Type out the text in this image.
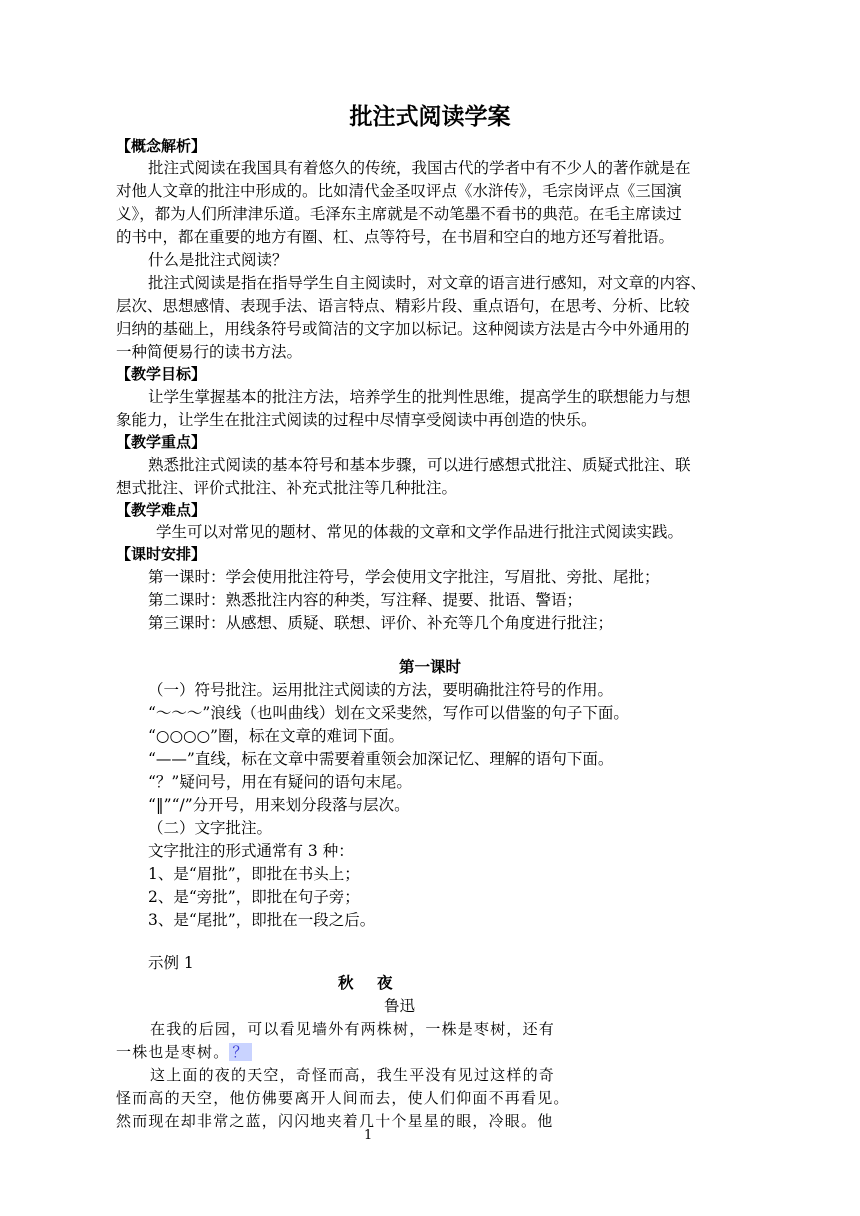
批注式阅读学案
【概念解析】
批注式阅读在我国具有着悠久的传统，我国古代的学者中有不少人的著作就是在
对他人文章的批注中形成的。比如清代金圣叹评点《水浒传》，毛宗岗评点《三国演
义》，都为人们所津津乐道。毛泽东主席就是不动笔墨不看书的典范。在毛主席读过
的书中，都在重要的地方有圈、杠、点等符号，在书眉和空白的地方还写着批语。
什么是批注式阅读？
批注式阅读是指在指导学生自主阅读时，对文章的语言进行感知，对文章的内容、
层次、思想感情、表现手法、语言特点、精彩片段、重点语句，在思考、分析、比较
归纳的基础上，用线条符号或简洁的文字加以标记。这种阅读方法是古今中外通用的
一种简便易行的读书方法。
【教学目标】
让学生掌握基本的批注方法，培养学生的批判性思维，提高学生的联想能力与想
象能力，让学生在批注式阅读的过程中尽情享受阅读中再创造的快乐。
【教学重点】
熟悉批注式阅读的基本符号和基本步骤，可以进行感想式批注、质疑式批注、联
想式批注、评价式批注、补充式批注等几种批注。
【教学难点】
学生可以对常见的题材、常见的体裁的文章和文学作品进行批注式阅读实践。
【课时安排】
第一课时：学会使用批注符号，学会使用文字批注，写眉批、旁批、尾批；
第二课时：熟悉批注内容的种类，写注释、提要、批语、警语；
第三课时：从感想、质疑、联想、评价、补充等几个角度进行批注；
第一课时
（一）符号批注。运用批注式阅读的方法，要明确批注符号的作用。
“～～～”浪线（也叫曲线）划在文采斐然，写作可以借鉴的句子下面。
“○○○○”圈，标在文章的难词下面。
“——”直线，标在文章中需要着重领会加深记忆、理解的语句下面。
“？”疑问号，用在有疑问的语句末尾。
“‖”“/”分开号，用来划分段落与层次。
（二）文字批注。
文字批注的形式通常有 3 种：
1、是“眉批”，即批在书头上；
2、是“旁批”，即批在句子旁；
3、是“尾批”，即批在一段之后。
示例 1
秋　夜
鲁迅
在我的后园，可以看见墙外有两株树，一株是枣树，还有
一株也是枣树。 ？
这上面的夜的天空，奇怪而高，我生平没有见过这样的奇
怪而高的天空，他仿佛要离开人间而去，使人们仰面不再看见。
然而现在却非常之蓝，闪闪地夹着几十个星星的眼，冷眼。他
1
